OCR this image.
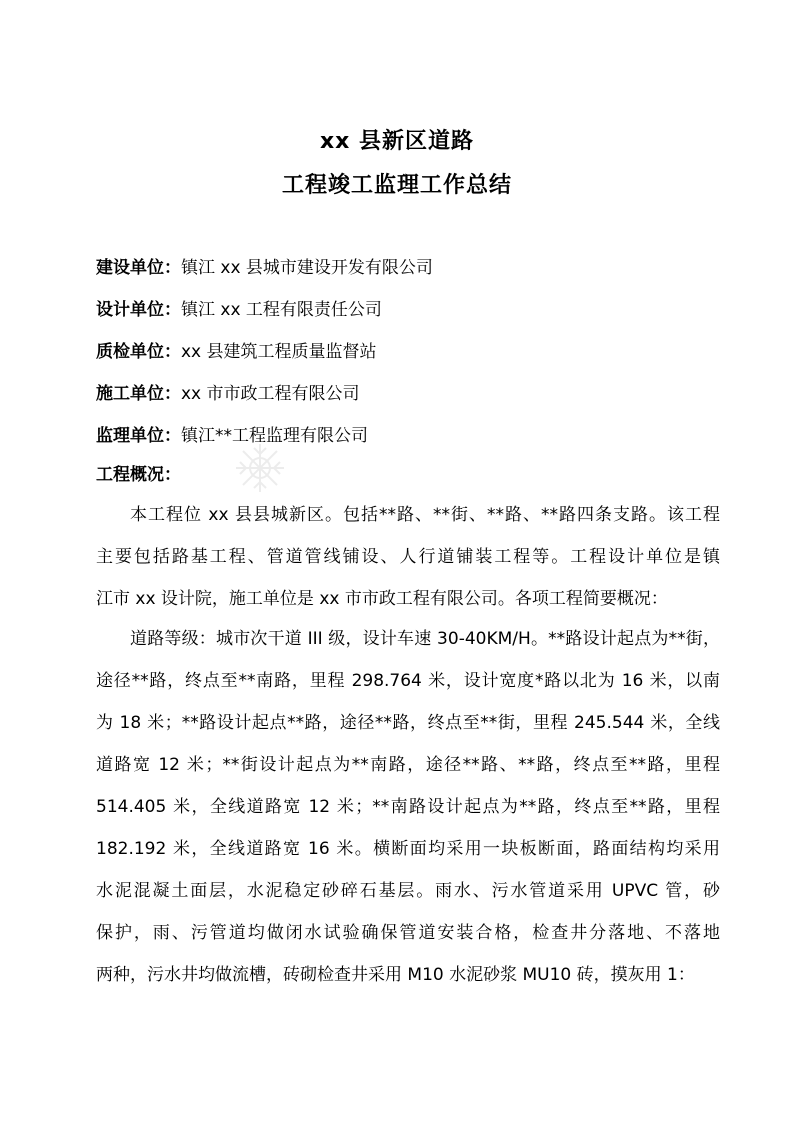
xx 县新区道路
工程竣工监理工作总结
建设单位：镇江 xx 县城市建设开发有限公司
设计单位：镇江 xx 工程有限责任公司
质检单位：xx 县建筑工程质量监督站
施工单位：xx 市市政工程有限公司
监理单位：镇江**工程监理有限公司
工程概况：
本工程位 xx 县县城新区。包括**路、**街、**路、**路四条支路。该工程
主要包括路基工程、管道管线铺设、人行道铺装工程等。工程设计单位是镇
江市 xx 设计院，施工单位是 xx 市市政工程有限公司。各项工程简要概况：
道路等级：城市次干道 III 级，设计车速 30-40KM/H。**路设计起点为**街，
途径**路，终点至**南路，里程 298.764 米，设计宽度*路以北为 16 米，以南
为 18 米；**路设计起点**路，途径**路，终点至**街，里程 245.544 米，全线
道路宽 12 米；**街设计起点为**南路，途径**路、**路，终点至**路，里程
514.405 米，全线道路宽 12 米；**南路设计起点为**路，终点至**路，里程
182.192 米，全线道路宽 16 米。横断面均采用一块板断面，路面结构均采用
水泥混凝土面层，水泥稳定砂碎石基层。雨水、污水管道采用 UPVC 管，砂
保护，雨、污管道均做闭水试验确保管道安装合格，检查井分落地、不落地
两种，污水井均做流槽，砖砌检查井采用 M10 水泥砂浆 MU10 砖，摸灰用 1：
